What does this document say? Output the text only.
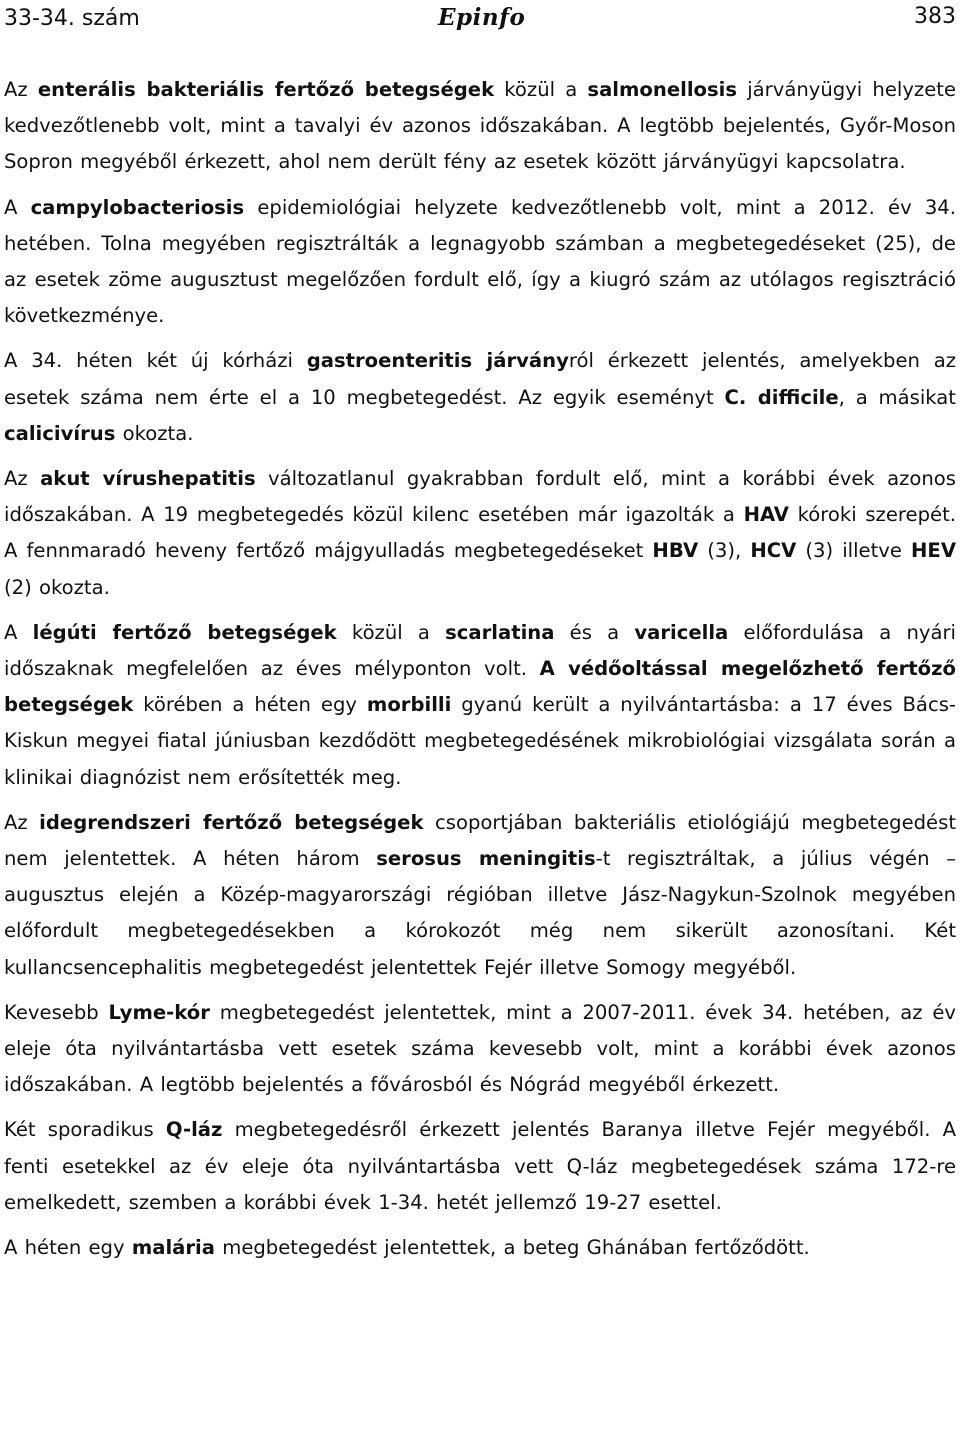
33-34. szám	Epinfo	383

Az enterális bakteriális fertőző betegségek közül a salmonellosis járványügyi helyzete kedvezőtlenebb volt, mint a tavalyi év azonos időszakában. A legtöbb bejelentés, Győr-Moson Sopron megyéből érkezett, ahol nem derült fény az esetek között járványügyi kapcsolatra.

A campylobacteriosis epidemiológiai helyzete kedvezőtlenebb volt, mint a 2012. év 34. hetében. Tolna megyében regisztrálták a legnagyobb számban a megbetegedéseket (25), de az esetek zöme augusztust megelőzően fordult elő, így a kiugró szám az utólagos regisztráció következménye.

A 34. héten két új kórházi gastroenteritis járványról érkezett jelentés, amelyekben az esetek száma nem érte el a 10 megbetegedést. Az egyik eseményt C. difficile, a másikat calicivírus okozta.

Az akut vírushepatitis változatlanul gyakrabban fordult elő, mint a korábbi évek azonos időszakában. A 19 megbetegedés közül kilenc esetében már igazolták a HAV kóroki szerepét. A fennmaradó heveny fertőző májgyulladás megbetegedéseket HBV (3), HCV (3) illetve HEV (2) okozta.

A légúti fertőző betegségek közül a scarlatina és a varicella előfordulása a nyári időszaknak megfelelően az éves mélyponton volt. A védőoltással megelőzhető fertőző betegségek körében a héten egy morbilli gyanú került a nyilvántartásba: a 17 éves Bács-Kiskun megyei fiatal júniusban kezdődött megbetegedésének mikrobiológiai vizsgálata során a klinikai diagnózist nem erősítették meg.

Az idegrendszeri fertőző betegségek csoportjában bakteriális etiológiájú megbetegedést nem jelentettek. A héten három serosus meningitis-t regisztráltak, a július végén – augusztus elején a Közép-magyarországi régióban illetve Jász-Nagykun-Szolnok megyében előfordult megbetegedésekben a kórokozót még nem sikerült azonosítani. Két kullancsencephalitis megbetegedést jelentettek Fejér illetve Somogy megyéből.

Kevesebb Lyme-kór megbetegedést jelentettek, mint a 2007-2011. évek 34. hetében, az év eleje óta nyilvántartásba vett esetek száma kevesebb volt, mint a korábbi évek azonos időszakában. A legtöbb bejelentés a fővárosból és Nógrád megyéből érkezett.

Két sporadikus Q-láz megbetegedésről érkezett jelentés Baranya illetve Fejér megyéből. A fenti esetekkel az év eleje óta nyilvántartásba vett Q-láz megbetegedések száma 172-re emelkedett, szemben a korábbi évek 1-34. hetét jellemző 19-27 esettel.

A héten egy malária megbetegedést jelentettek, a beteg Ghánában fertőződött.
